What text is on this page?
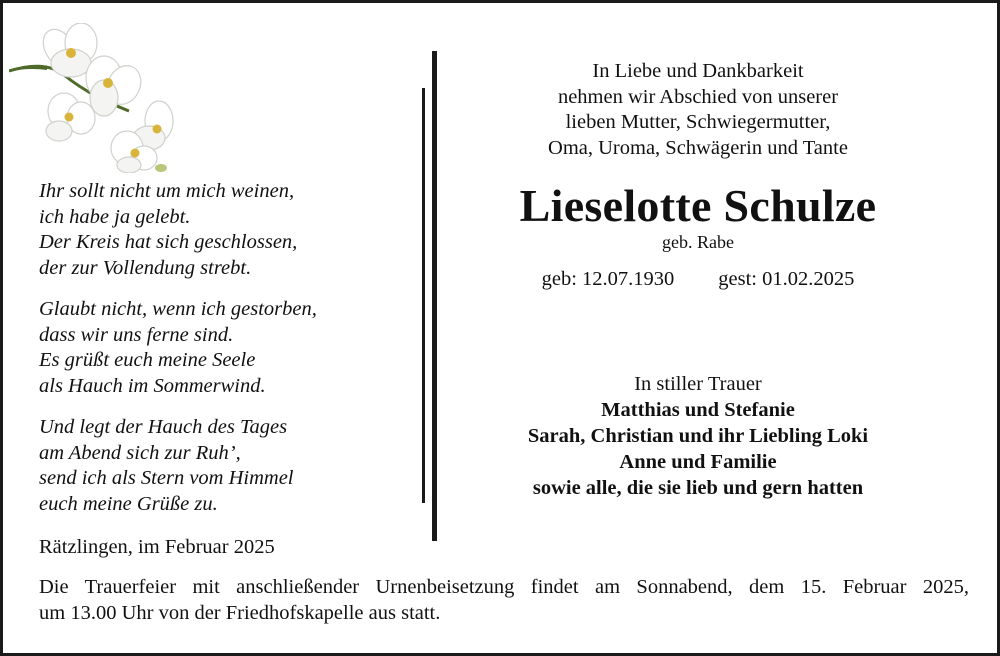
Ihr sollt nicht um mich weinen,
ich habe ja gelebt.
Der Kreis hat sich geschlossen,
der zur Vollendung strebt.
Glaubt nicht, wenn ich gestorben,
dass wir uns ferne sind.
Es grüßt euch meine Seele
als Hauch im Sommerwind.
Und legt der Hauch des Tages
am Abend sich zur Ruh’,
send ich als Stern vom Himmel
euch meine Grüße zu.
Rätzlingen, im Februar 2025
In Liebe und Dankbarkeit
nehmen wir Abschied von unserer
lieben Mutter, Schwiegermutter,
Oma, Uroma, Schwägerin und Tante
Lieselotte Schulze
geb. Rabe
geb: 12.07.1930 gest: 01.02.2025
In stiller Trauer
Matthias und Stefanie
Sarah, Christian und ihr Liebling Loki
Anne und Familie
sowie alle, die sie lieb und gern hatten
Die Trauerfeier mit anschließender Urnenbeisetzung findet am Sonnabend, dem 15. Februar 2025,
um 13.00 Uhr von der Friedhofskapelle aus statt.
